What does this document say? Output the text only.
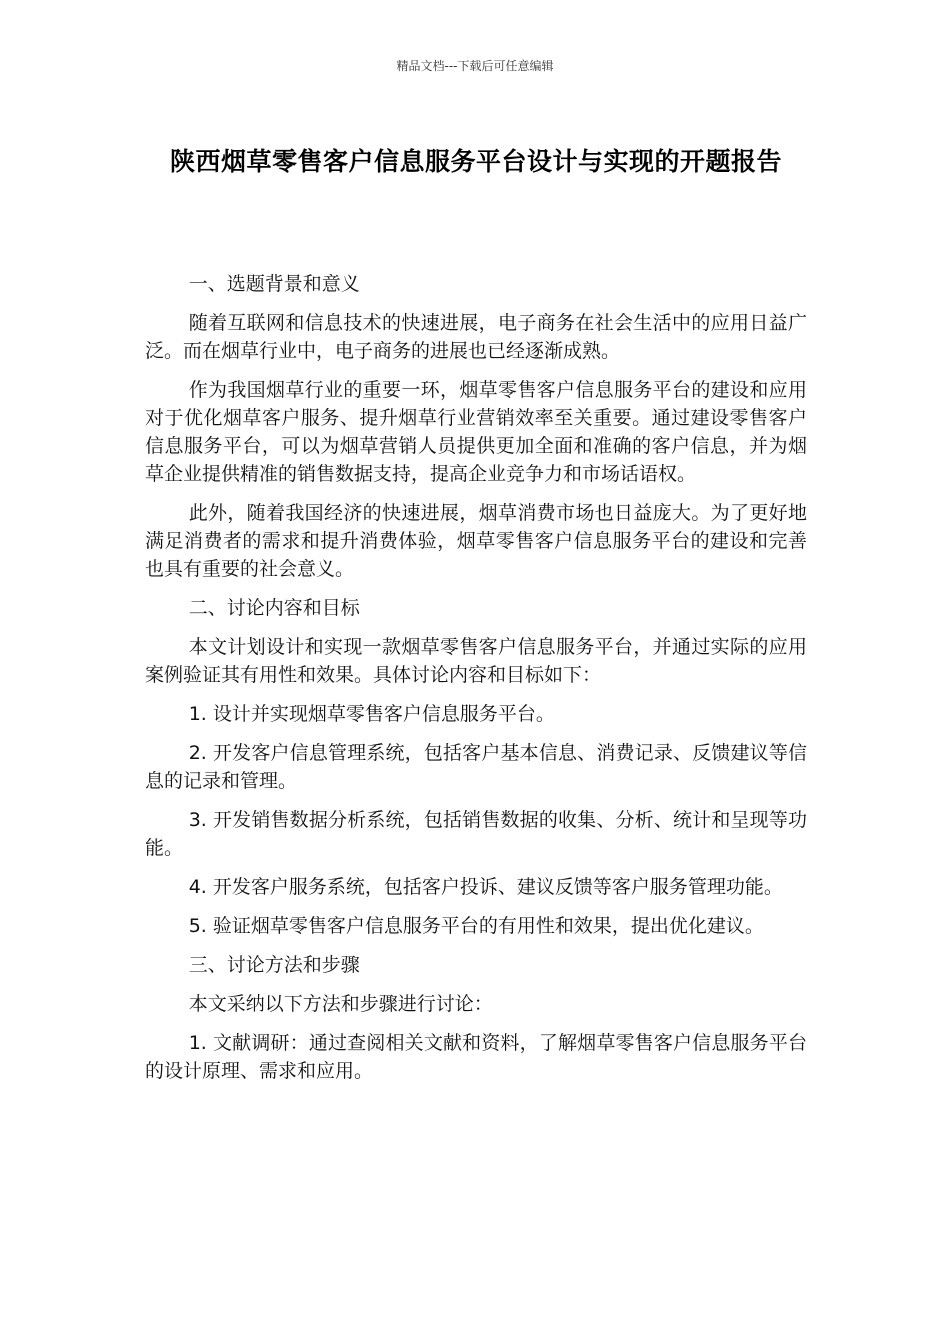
精品文档---下载后可任意编辑
陕西烟草零售客户信息服务平台设计与实现的开题报告

一、选题背景和意义

随着互联网和信息技术的快速进展，电子商务在社会生活中的应用日益广泛。而在烟草行业中，电子商务的进展也已经逐渐成熟。

作为我国烟草行业的重要一环，烟草零售客户信息服务平台的建设和应用对于优化烟草客户服务、提升烟草行业营销效率至关重要。通过建设零售客户信息服务平台，可以为烟草营销人员提供更加全面和准确的客户信息，并为烟草企业提供精准的销售数据支持，提高企业竞争力和市场话语权。

此外，随着我国经济的快速进展，烟草消费市场也日益庞大。为了更好地满足消费者的需求和提升消费体验，烟草零售客户信息服务平台的建设和完善也具有重要的社会意义。

二、讨论内容和目标

本文计划设计和实现一款烟草零售客户信息服务平台，并通过实际的应用案例验证其有用性和效果。具体讨论内容和目标如下：

1. 设计并实现烟草零售客户信息服务平台。

2. 开发客户信息管理系统，包括客户基本信息、消费记录、反馈建议等信息的记录和管理。

3. 开发销售数据分析系统，包括销售数据的收集、分析、统计和呈现等功能。

4. 开发客户服务系统，包括客户投诉、建议反馈等客户服务管理功能。

5. 验证烟草零售客户信息服务平台的有用性和效果，提出优化建议。

三、讨论方法和步骤

本文采纳以下方法和步骤进行讨论：

1. 文献调研：通过查阅相关文献和资料，了解烟草零售客户信息服务平台的设计原理、需求和应用。
